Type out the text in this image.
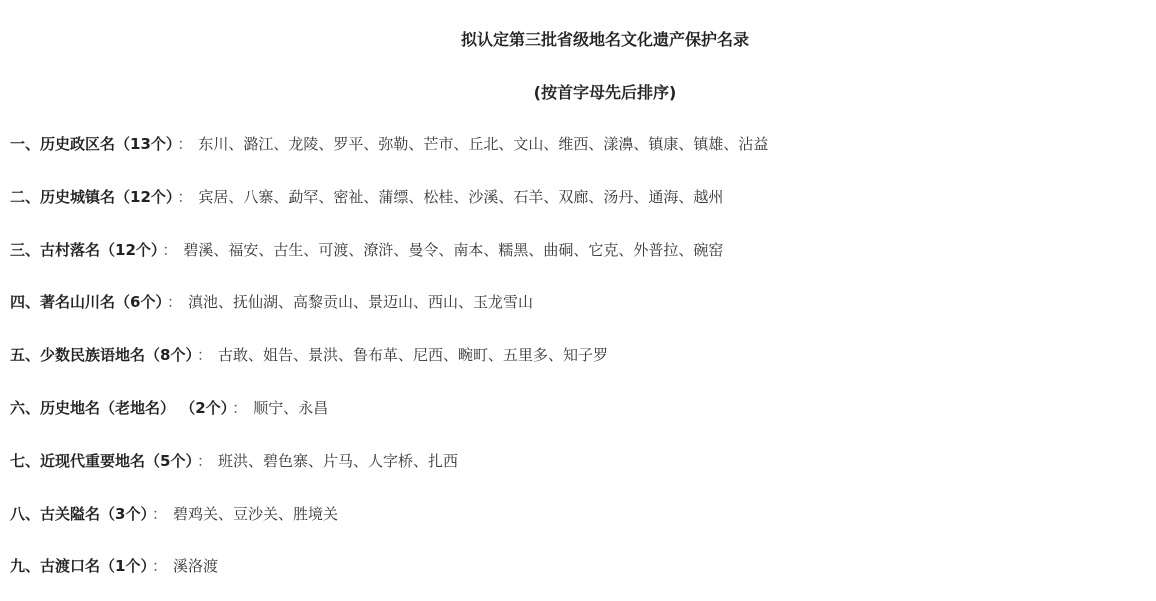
拟认定第三批省级地名文化遗产保护名录
(按首字母先后排序)
一、历史政区名（13个） ： 东川、潞江、龙陵、罗平、弥勒、芒市、丘北、文山、维西、漾濞、镇康、镇雄、沾益
二、历史城镇名（12个） ： 宾居、八寨、勐罕、密祉、蒲缥、松桂、沙溪、石羊、双廊、汤丹、通海、越州
三、古村落名（12个） ： 碧溪、福安、古生、可渡、潦浒、曼令、南本、糯黑、曲硐、它克、外普拉、碗窑
四、著名山川名（6个） ： 滇池、抚仙湖、高黎贡山、景迈山、西山、玉龙雪山
五、少数民族语地名（8个） ： 古敢、姐告、景洪、鲁布革、尼西、畹町、五里多、知子罗
六、历史地名（老地名） （2个） ： 顺宁、永昌
七、近现代重要地名（5个） ： 班洪、碧色寨、片马、人字桥、扎西
八、古关隘名（3个） ： 碧鸡关、豆沙关、胜境关
九、古渡口名（1个） ： 溪洛渡
